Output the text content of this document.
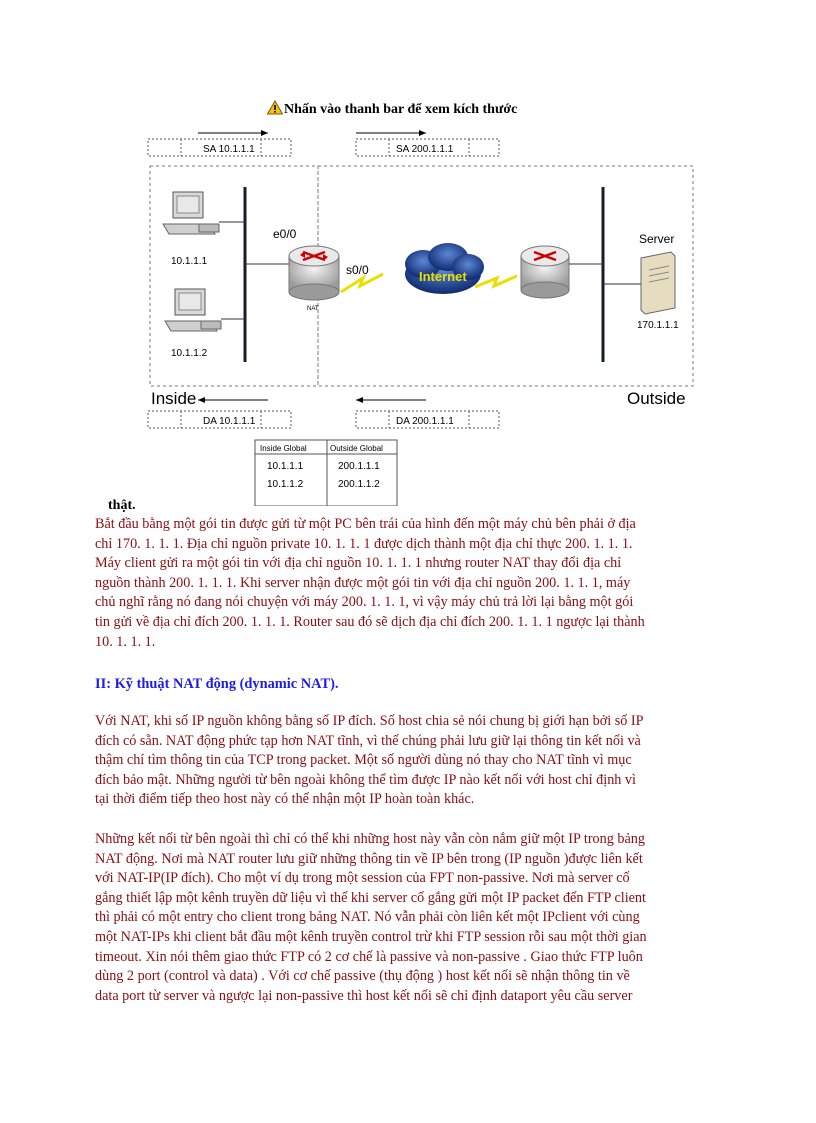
Nhấn vào thanh bar để xem kích thước
SA 10.1.1.1	SA 200.1.1.1
10.1.1.1
10.1.1.2
e0/0
NAT
s0/0	Internet
Server
170.1.1.1
Inside	Outside
DA 10.1.1.1	DA 200.1.1.1
Inside Global	Outside Global
10.1.1.1	200.1.1.1
10.1.1.2	200.1.1.2
thật.

Bắt đầu bằng một gói tin được gửi từ một PC bên trái của hình đến một máy chủ bên phải ở địa
chỉ 170. 1. 1. 1. Địa chỉ nguồn private 10. 1. 1. 1 được dịch thành một địa chỉ thực 200. 1. 1. 1.
Máy client gửi ra một gói tin với địa chỉ nguồn 10. 1. 1. 1 nhưng router NAT thay đổi địa chỉ
nguồn thành 200. 1. 1. 1. Khi server nhận được một gói tin với địa chỉ nguồn 200. 1. 1. 1, máy
chủ nghĩ rằng nó đang nói chuyện với máy 200. 1. 1. 1, vì vậy máy chủ trả lời lại bằng một gói
tin gửi về địa chỉ đích 200. 1. 1. 1. Router sau đó sẽ dịch địa chỉ đích 200. 1. 1. 1 ngược lại thành
10. 1. 1. 1.

II: Kỹ thuật NAT động (dynamic NAT).

Với NAT, khi số IP nguồn không bằng số IP đích. Số host chia sẻ nói chung bị giới hạn bởi số IP
đích có sẵn. NAT động phức tạp hơn NAT tĩnh, vì thế chúng phải lưu giữ lại thông tin kết nối và
thậm chí tìm thông tin của TCP trong packet. Một số người dùng nó thay cho NAT tĩnh vì mục
đích bảo mật. Những người từ bên ngoài không thể tìm được IP nào kết nối với host chỉ định vì
tại thời điểm tiếp theo host này có thể nhận một IP hoàn toàn khác.

Những kết nối từ bên ngoài thì chỉ có thể khi những host này vẫn còn nắm giữ một IP trong bảng
NAT động. Nơi mà NAT router lưu giữ những thông tin về IP bên trong (IP nguồn )được liên kết
với NAT-IP(IP đích). Cho một ví dụ trong một session của FPT non-passive. Nơi mà server cố
gắng thiết lập một kênh truyền dữ liệu vì thế khi server cố gắng gửi một IP packet đến FTP client
thì phải có một entry cho client trong bảng NAT. Nó vẫn phải còn liên kết một IPclient với cùng
một NAT-IPs khi client bắt đầu một kênh truyền control trừ khi FTP session rỗi sau một thời gian
timeout. Xin nói thêm giao thức FTP có 2 cơ chế là passive và non-passive . Giao thức FTP luôn
dùng 2 port (control và data) . Với cơ chế passive (thụ động ) host kết nối sẽ nhận thông tin về
data port từ server và ngược lại non-passive thì host kết nối sẽ chỉ định dataport yêu cầu server
